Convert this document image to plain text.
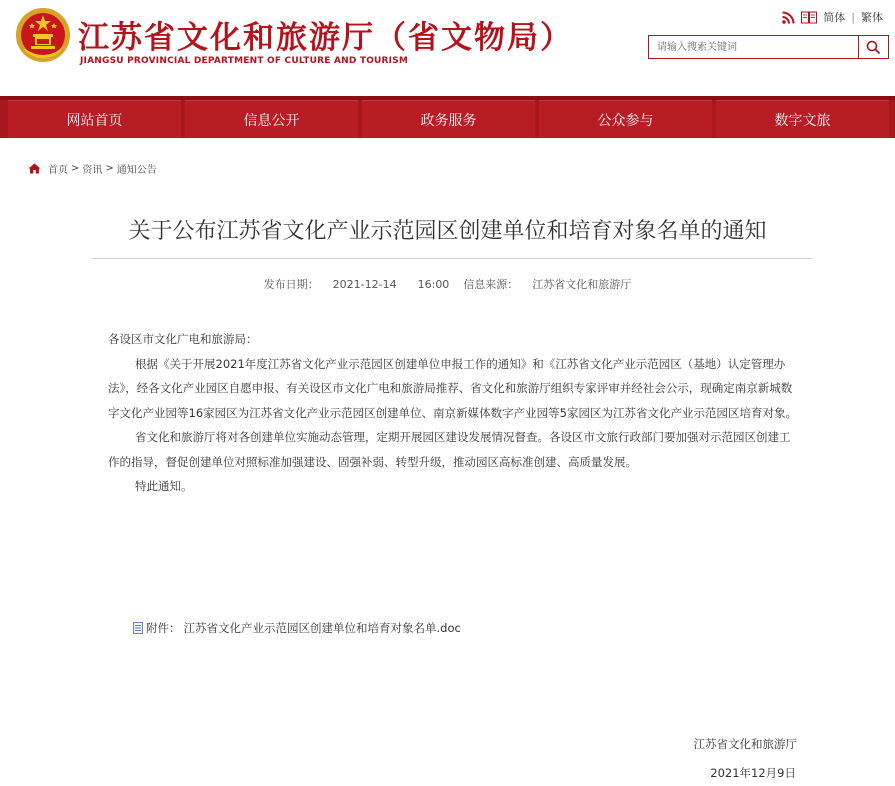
江苏省文化和旅游厅（省文物局）
JIANGSU PROVINCIAL DEPARTMENT OF CULTURE AND TOURISM
简体 | 繁体
请输入搜索关键词
网站首页	信息公开	政务服务	公众参与	数字文旅
首页 > 资讯 > 通知公告
关于公布江苏省文化产业示范园区创建单位和培育对象名单的通知
发布日期： 2021-12-14 16:00 信息来源： 江苏省文化和旅游厅

各设区市文化广电和旅游局：

根据《关于开展2021年度江苏省文化产业示范园区创建单位申报工作的通知》和《江苏省文化产业示范园区（基地）认定管理办法》，经各文化产业园区自愿申报、有关设区市文化广电和旅游局推荐、省文化和旅游厅组织专家评审并经社会公示，现确定南京新城数字文化产业园等16家园区为江苏省文化产业示范园区创建单位、南京新媒体数字产业园等5家园区为江苏省文化产业示范园区培育对象。

省文化和旅游厅将对各创建单位实施动态管理，定期开展园区建设发展情况督查。各设区市文旅行政部门要加强对示范园区创建工作的指导，督促创建单位对照标准加强建设、固强补弱、转型升级，推动园区高标准创建、高质量发展。

特此通知。

附件： 江苏省文化产业示范园区创建单位和培育对象名单.doc
江苏省文化和旅游厅
2021年12月9日
